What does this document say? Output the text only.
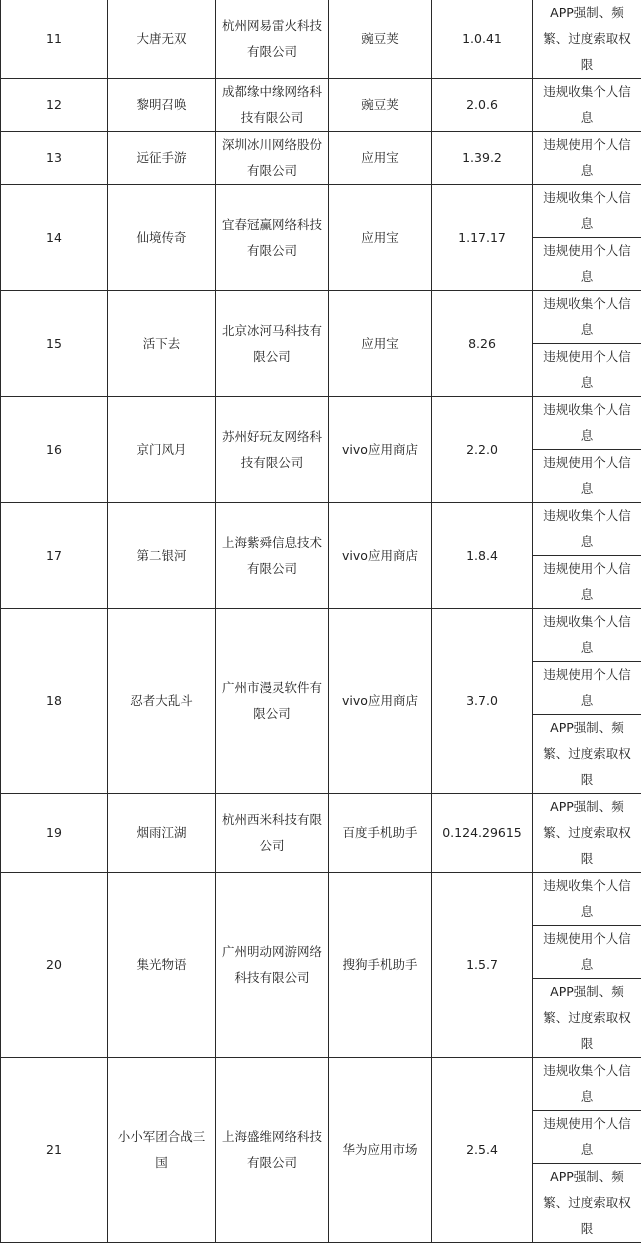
11	大唐无双	杭州网易雷火科技有限公司	豌豆荚	1.0.41	APP强制、频繁、过度索取权限
12	黎明召唤	成都缘中缘网络科技有限公司	豌豆荚	2.0.6	违规收集个人信息
13	远征手游	深圳冰川网络股份有限公司	应用宝	1.39.2	违规使用个人信息
14	仙境传奇	宜春冠赢网络科技有限公司	应用宝	1.17.17	违规收集个人信息
					违规使用个人信息
15	活下去	北京冰河马科技有限公司	应用宝	8.26	违规收集个人信息
					违规使用个人信息
16	京门风月	苏州好玩友网络科技有限公司	vivo应用商店	2.2.0	违规收集个人信息
					违规使用个人信息
17	第二银河	上海紫舜信息技术有限公司	vivo应用商店	1.8.4	违规收集个人信息
					违规使用个人信息
18	忍者大乱斗	广州市漫灵软件有限公司	vivo应用商店	3.7.0	违规收集个人信息
					违规使用个人信息
					APP强制、频繁、过度索取权限
19	烟雨江湖	杭州西米科技有限公司	百度手机助手	0.124.29615	APP强制、频繁、过度索取权限
20	集光物语	广州明动网游网络科技有限公司	搜狗手机助手	1.5.7	违规收集个人信息
					违规使用个人信息
					APP强制、频繁、过度索取权限
21	小小军团合战三国	上海盛维网络科技有限公司	华为应用市场	2.5.4	违规收集个人信息
					违规使用个人信息
					APP强制、频繁、过度索取权限
